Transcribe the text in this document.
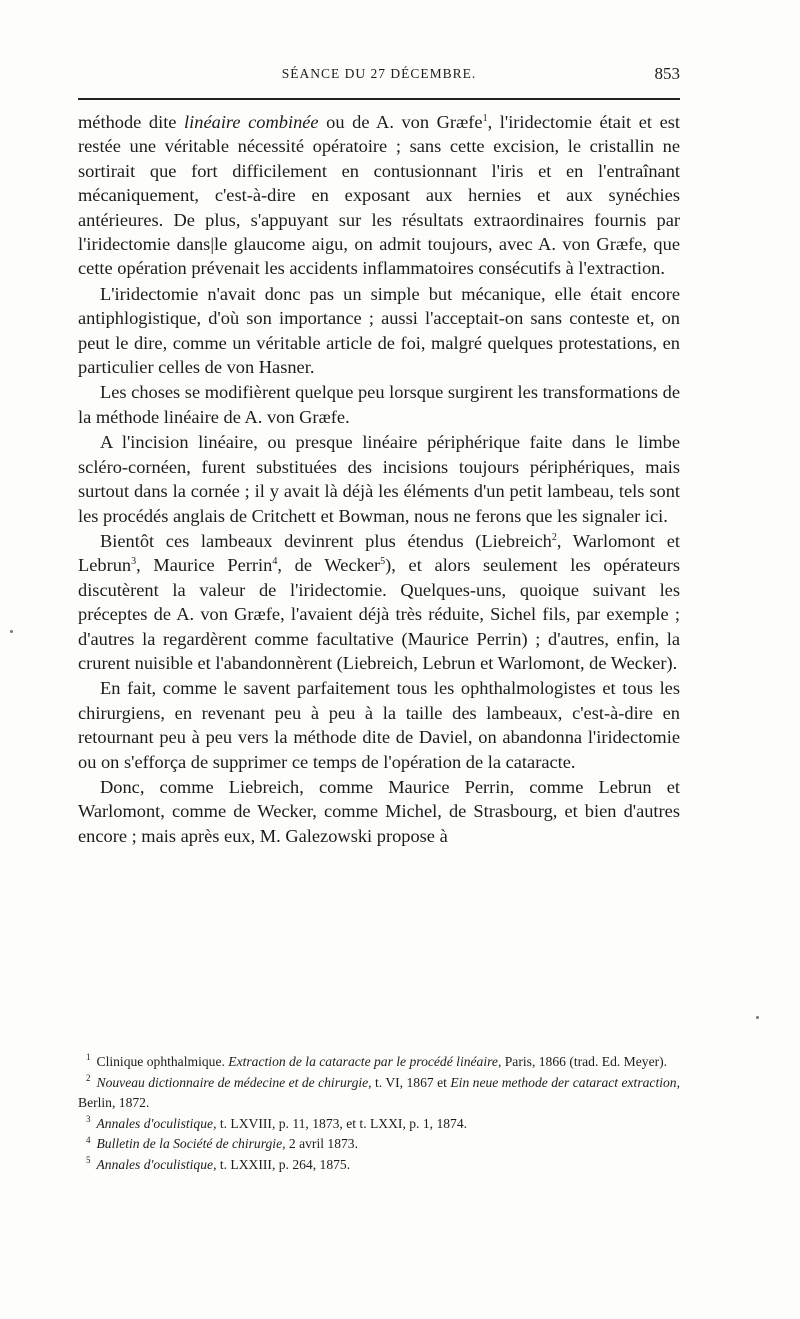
SÉANCE DU 27 DÉCEMBRE.	853

méthode dite linéaire combinée ou de A. von Græfe$^1$, l'iridectomie était et est restée une véritable nécessité opératoire ; sans cette excision, le cristallin ne sortirait que fort difficilement en contusionnant l'iris et en l'entraînant mécaniquement, c'est-à-dire en exposant aux hernies et aux synéchies antérieures. De plus, s'appuyant sur les résultats extraordinaires fournis par l'iridectomie dans|le glaucome aigu, on admit toujours, avec A. von Græfe, que cette opération prévenait les accidents inflammatoires consécutifs à l'extraction.

L'iridectomie n'avait donc pas un simple but mécanique, elle était encore antiphlogistique, d'où son importance ; aussi l'acceptait-on sans conteste et, on peut le dire, comme un véritable article de foi, malgré quelques protestations, en particulier celles de von Hasner.

Les choses se modifièrent quelque peu lorsque surgirent les transformations de la méthode linéaire de A. von Græfe.

A l'incision linéaire, ou presque linéaire périphérique faite dans le limbe scléro-cornéen, furent substituées des incisions toujours périphériques, mais surtout dans la cornée ; il y avait là déjà les éléments d'un petit lambeau, tels sont les procédés anglais de Critchett et Bowman, nous ne ferons que les signaler ici.

Bientôt ces lambeaux devinrent plus étendus (Liebreich$^2$, Warlomont et Lebrun$^3$, Maurice Perrin$^4$, de Wecker$^5$), et alors seulement les opérateurs discutèrent la valeur de l'iridectomie. Quelques-uns, quoique suivant les préceptes de A. von Græfe, l'avaient déjà très réduite, Sichel fils, par exemple ; d'autres la regardèrent comme facultative (Maurice Perrin) ; d'autres, enfin, la crurent nuisible et l'abandonnèrent (Liebreich, Lebrun et Warlomont, de Wecker).

En fait, comme le savent parfaitement tous les ophthalmologistes et tous les chirurgiens, en revenant peu à peu à la taille des lambeaux, c'est-à-dire en retournant peu à peu vers la méthode dite de Daviel, on abandonna l'iridectomie ou on s'efforça de supprimer ce temps de l'opération de la cataracte.

Donc, comme Liebreich, comme Maurice Perrin, comme Lebrun et Warlomont, comme de Wecker, comme Michel, de Strasbourg, et bien d'autres encore ; mais après eux, M. Galezowski propose à

$^1$ Clinique ophthalmique. Extraction de la cataracte par le procédé linéaire, Paris, 1866 (trad. Ed. Meyer).

$^2$ Nouveau dictionnaire de médecine et de chirurgie, t. VI, 1867 et Ein neue methode der cataract extraction, Berlin, 1872.

$^3$ Annales d'oculistique, t. LXVIII, p. 11, 1873, et t. LXXI, p. 1, 1874.

$^4$ Bulletin de la Société de chirurgie, 2 avril 1873.

$^5$ Annales d'oculistique, t. LXXIII, p. 264, 1875.
